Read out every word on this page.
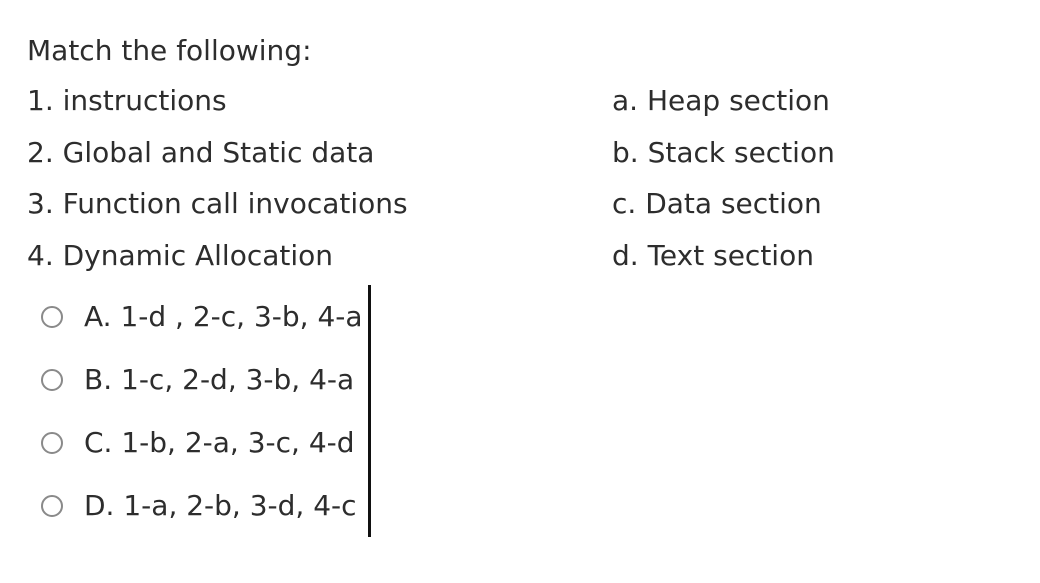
Match the following:
1. instructions
2. Global and Static data
3. Function call invocations
4. Dynamic Allocation
a. Heap section
b. Stack section
c. Data section
d. Text section
A. 1-d , 2-c, 3-b, 4-a
B. 1-c, 2-d, 3-b, 4-a
C. 1-b, 2-a, 3-c, 4-d
D. 1-a, 2-b, 3-d, 4-c
